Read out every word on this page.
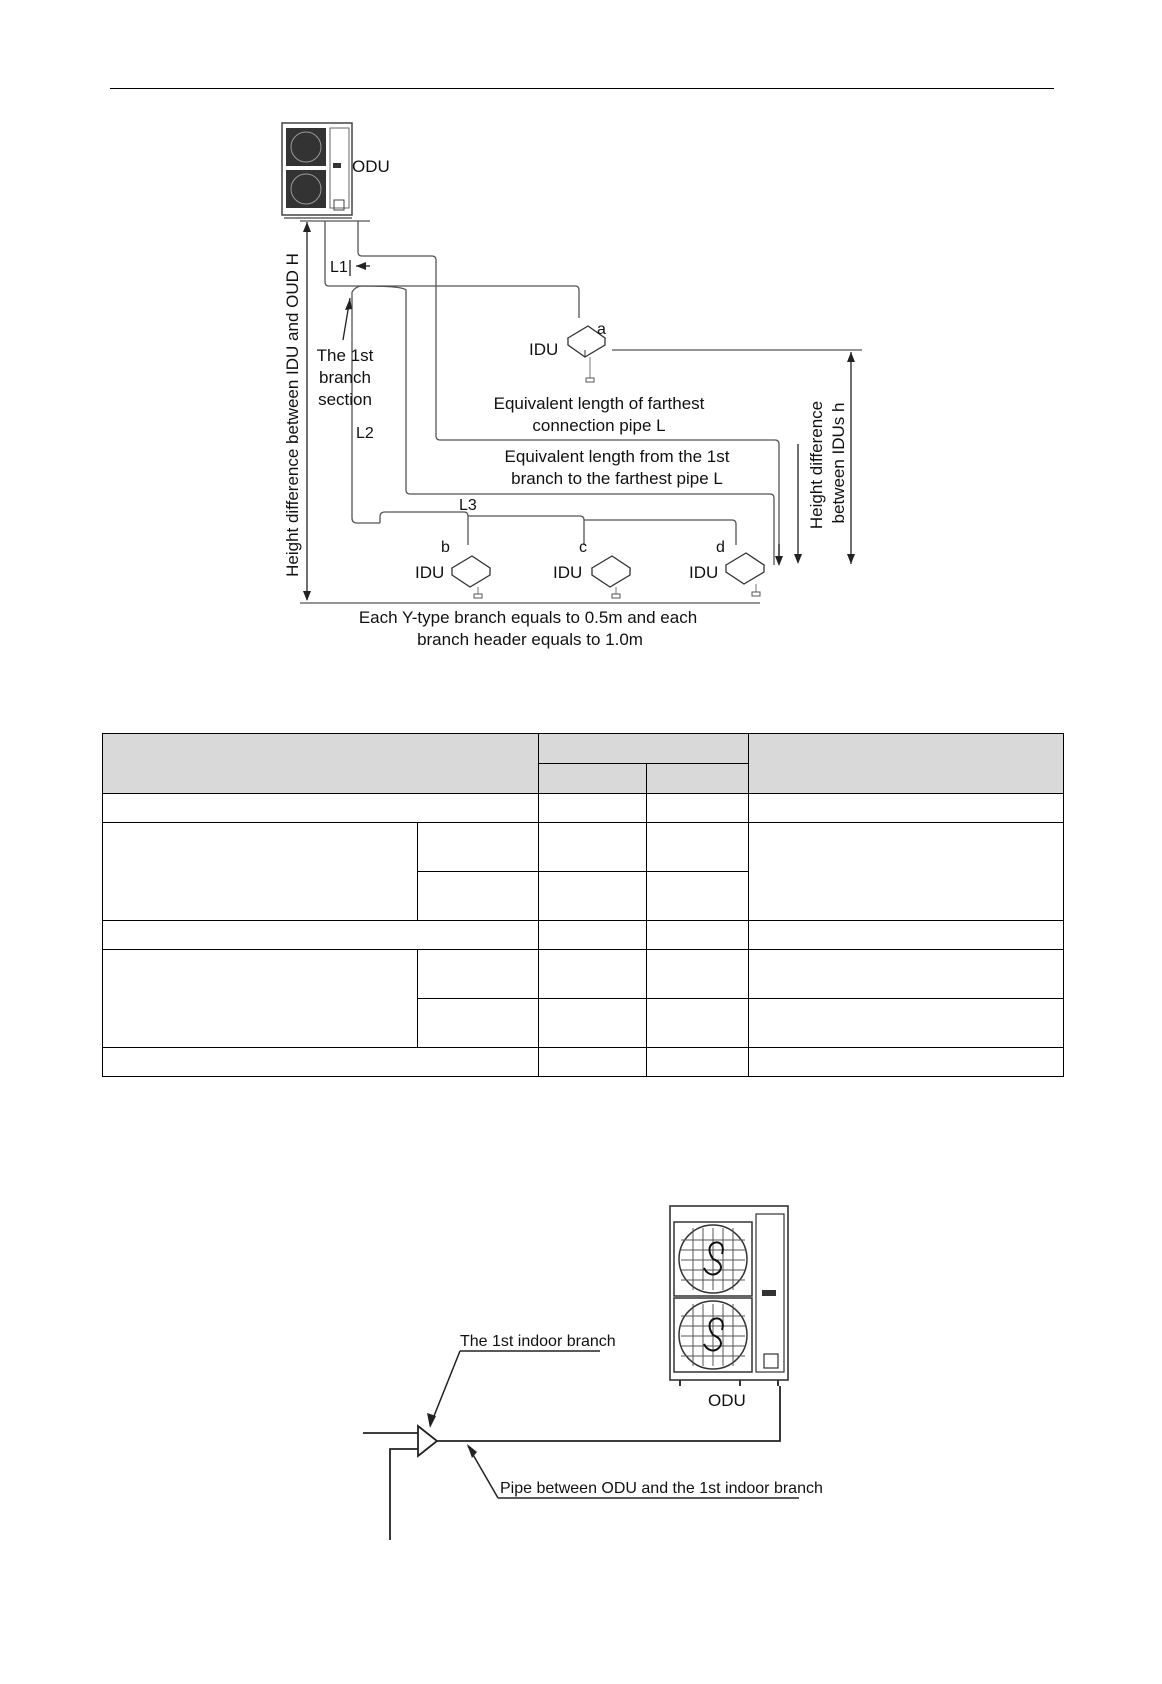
ODU
L1
L2
L3
The 1st
branch
section
a
IDU
Height difference between IDUs h
Equivalent length of farthest
connection pipe L
Equivalent length from the 1st
branch to the farthest pipe L
b	c	d
IDU	IDU	IDU
Height difference between IDU and OUD H
Each Y-type branch equals to 0.5m and each
branch header equals to 1.0m

ODU
The 1st indoor branch
Pipe between ODU and the 1st indoor branch
